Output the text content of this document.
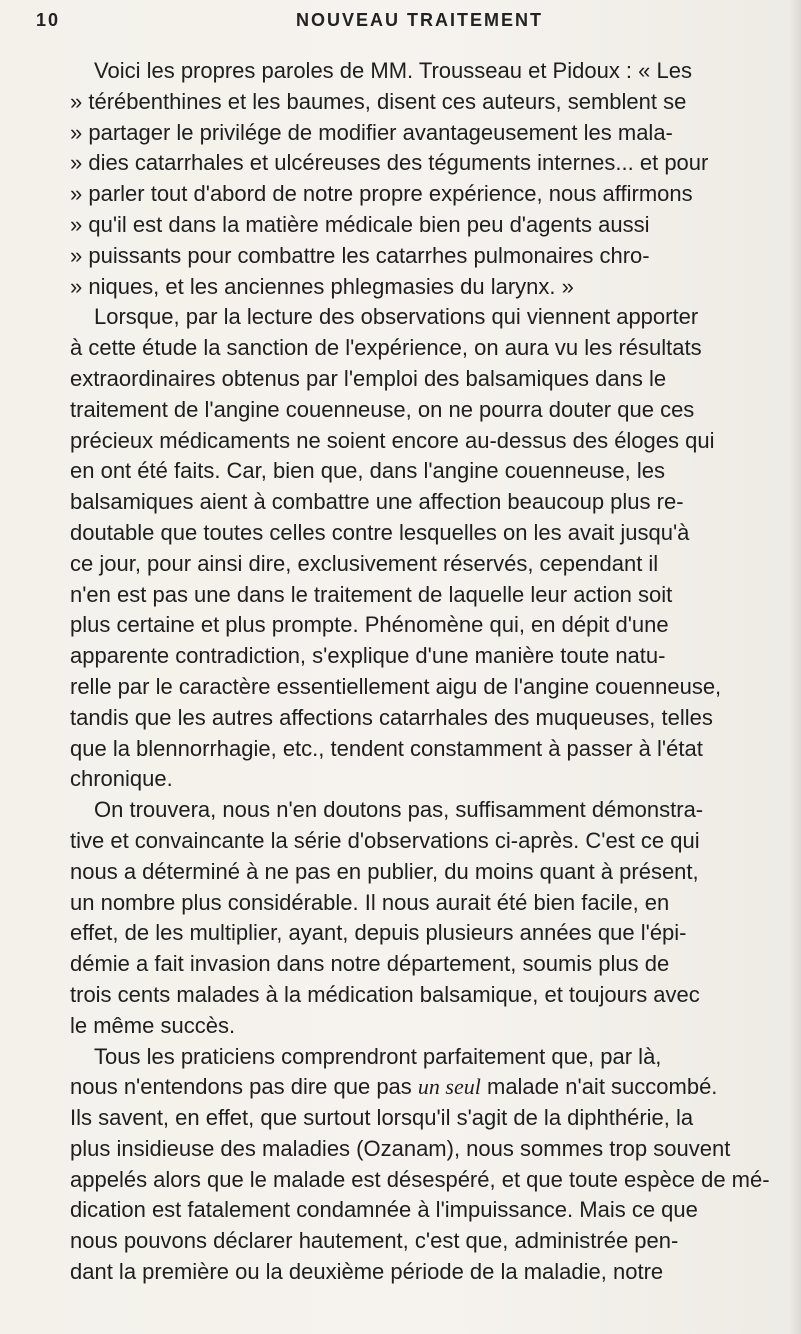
10	NOUVEAU TRAITEMENT

Voici les propres paroles de MM. Trousseau et Pidoux : « Les
» térébenthines et les baumes, disent ces auteurs, semblent se
» partager le privilége de modifier avantageusement les mala-
» dies catarrhales et ulcéreuses des téguments internes... et pour
» parler tout d'abord de notre propre expérience, nous affirmons
» qu'il est dans la matière médicale bien peu d'agents aussi
» puissants pour combattre les catarrhes pulmonaires chro-
» niques, et les anciennes phlegmasies du larynx. »

Lorsque, par la lecture des observations qui viennent apporter
à cette étude la sanction de l'expérience, on aura vu les résultats
extraordinaires obtenus par l'emploi des balsamiques dans le
traitement de l'angine couenneuse, on ne pourra douter que ces
précieux médicaments ne soient encore au-dessus des éloges qui
en ont été faits. Car, bien que, dans l'angine couenneuse, les
balsamiques aient à combattre une affection beaucoup plus re-
doutable que toutes celles contre lesquelles on les avait jusqu'à
ce jour, pour ainsi dire, exclusivement réservés, cependant il
n'en est pas une dans le traitement de laquelle leur action soit
plus certaine et plus prompte. Phénomène qui, en dépit d'une
apparente contradiction, s'explique d'une manière toute natu-
relle par le caractère essentiellement aigu de l'angine couenneuse,
tandis que les autres affections catarrhales des muqueuses, telles
que la blennorrhagie, etc., tendent constamment à passer à l'état
chronique.

On trouvera, nous n'en doutons pas, suffisamment démonstra-
tive et convaincante la série d'observations ci-après. C'est ce qui
nous a déterminé à ne pas en publier, du moins quant à présent,
un nombre plus considérable. Il nous aurait été bien facile, en
effet, de les multiplier, ayant, depuis plusieurs années que l'épi-
démie a fait invasion dans notre département, soumis plus de
trois cents malades à la médication balsamique, et toujours avec
le même succès.

Tous les praticiens comprendront parfaitement que, par là,
nous n'entendons pas dire que pas un seul malade n'ait succombé.
Ils savent, en effet, que surtout lorsqu'il s'agit de la diphthérie, la
plus insidieuse des maladies (Ozanam), nous sommes trop souvent
appelés alors que le malade est désespéré, et que toute espèce de mé-
dication est fatalement condamnée à l'impuissance. Mais ce que
nous pouvons déclarer hautement, c'est que, administrée pen-
dant la première ou la deuxième période de la maladie, notre
